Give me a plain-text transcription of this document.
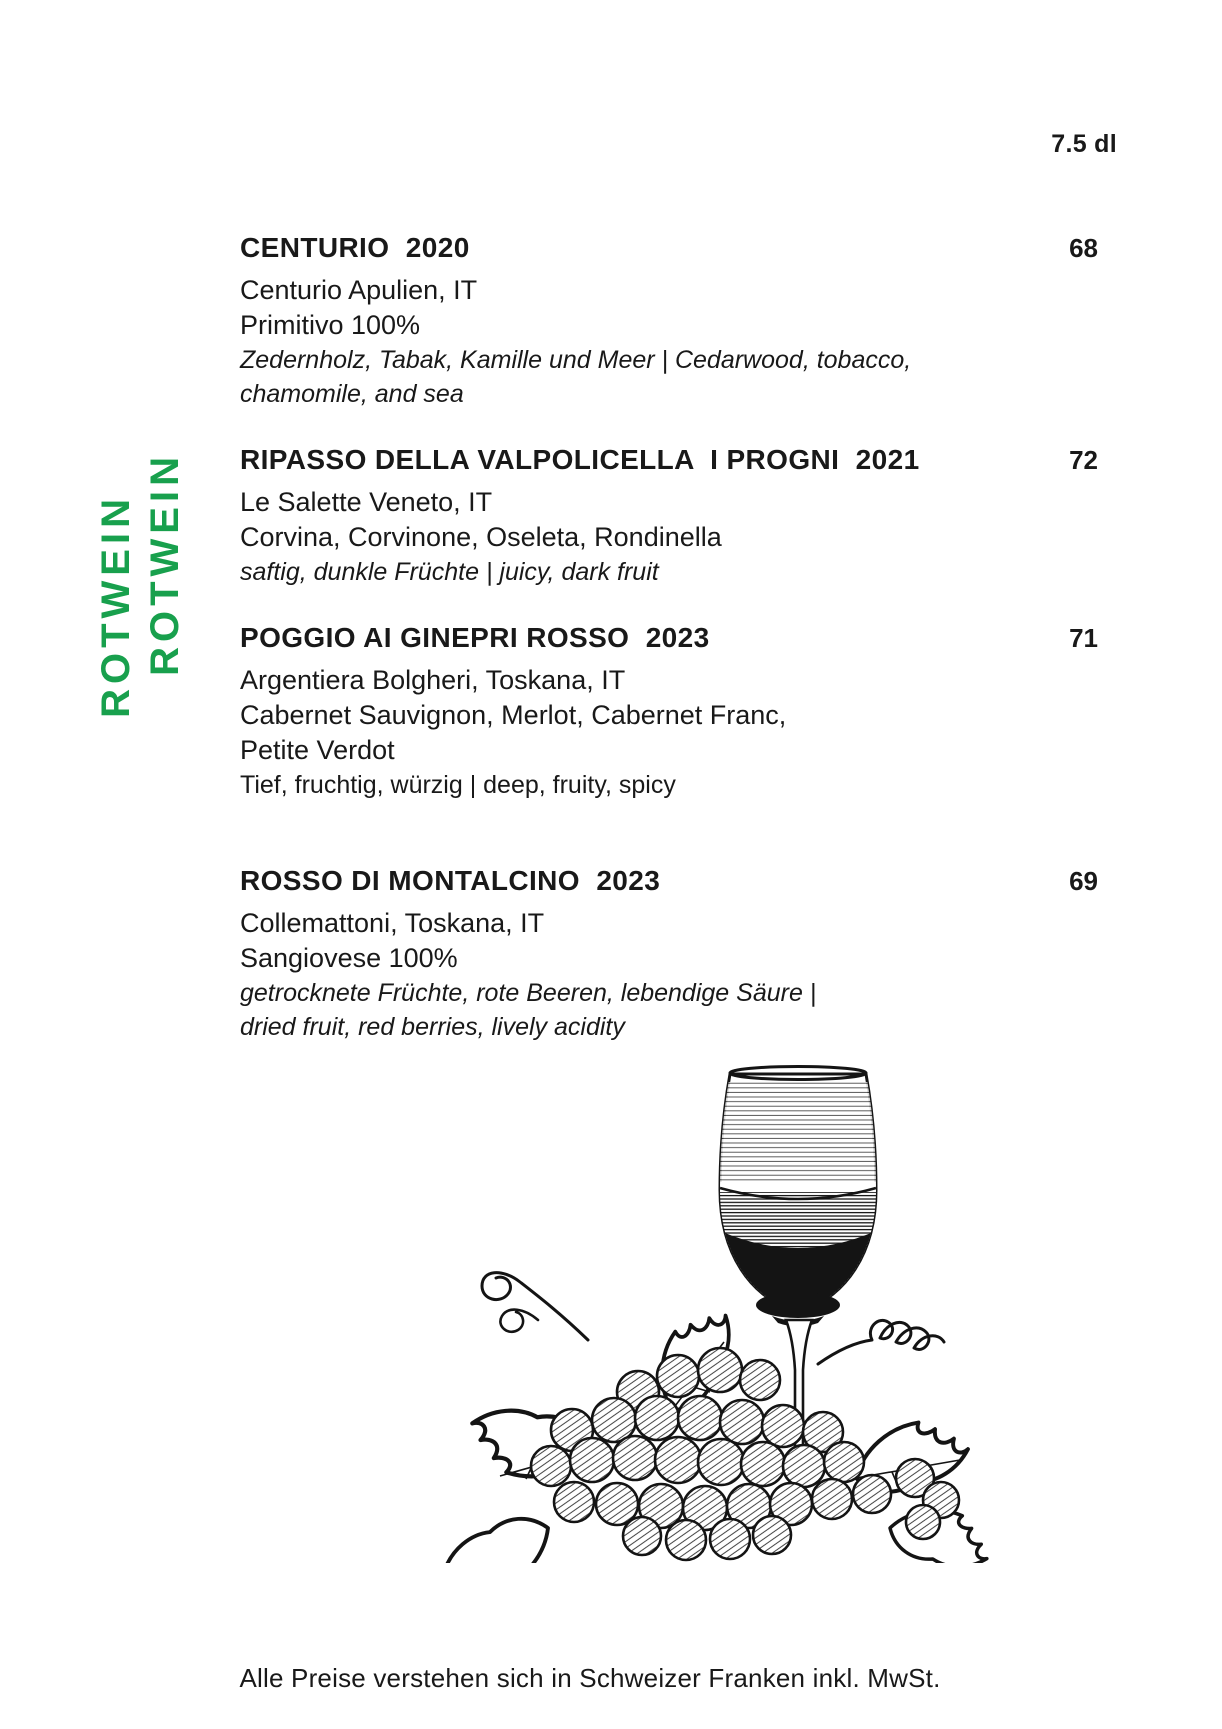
7.5 dl
ROTWEIN ROTWEIN
CENTURIO  2020	68
Centurio Apulien, IT
Primitivo 100%
Zedernholz, Tabak, Kamille und Meer | Cedarwood, tobacco,
chamomile, and sea
RIPASSO DELLA VALPOLICELLA  I PROGNI  2021	72
Le Salette Veneto, IT
Corvina, Corvinone, Oseleta, Rondinella
saftig, dunkle Früchte | juicy, dark fruit
POGGIO AI GINEPRI ROSSO  2023	71
Argentiera Bolgheri, Toskana, IT
Cabernet Sauvignon, Merlot, Cabernet Franc,
Petite Verdot
Tief, fruchtig, würzig | deep, fruity, spicy
ROSSO DI MONTALCINO  2023	69
Collemattoni, Toskana, IT
Sangiovese 100%
getrocknete Früchte, rote Beeren, lebendige Säure |
dried fruit, red berries, lively acidity
Alle Preise verstehen sich in Schweizer Franken inkl. MwSt.
